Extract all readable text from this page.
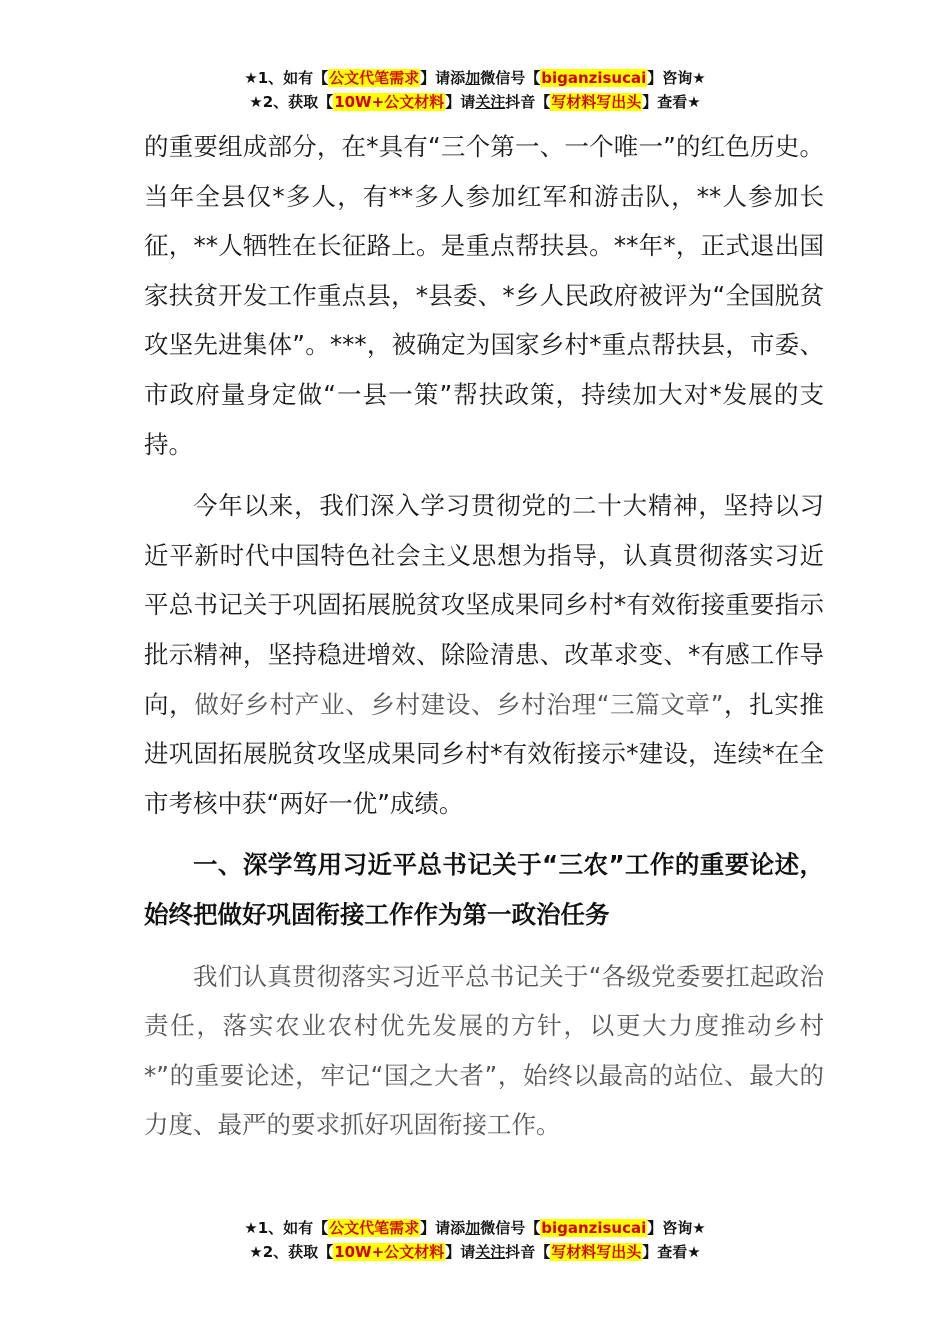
★1、如有【公文代笔需求】请添加微信号【biganzisucai】咨询★
★2、获取【10W+公文材料】请关注抖音【写材料写出头】查看★

的重要组成部分，在*具有“三个第一、一个唯一”的红色历史。当年全县仅*多人，有**多人参加红军和游击队，**人参加长征，**人牺牲在长征路上。是重点帮扶县。**年*，正式退出国家扶贫开发工作重点县，*县委、*乡人民政府被评为“全国脱贫攻坚先进集体”。***，被确定为国家乡村*重点帮扶县，市委、市政府量身定做“一县一策”帮扶政策，持续加大对*发展的支持。

今年以来，我们深入学习贯彻党的二十大精神，坚持以习近平新时代中国特色社会主义思想为指导，认真贯彻落实习近平总书记关于巩固拓展脱贫攻坚成果同乡村*有效衔接重要指示批示精神，坚持稳进增效、除险清患、改革求变、*有感工作导向，做好乡村产业、乡村建设、乡村治理“三篇文章”，扎实推进巩固拓展脱贫攻坚成果同乡村*有效衔接示*建设，连续*在全市考核中获“两好一优”成绩。

一、深学笃用习近平总书记关于“三农”工作的重要论述，始终把做好巩固衔接工作作为第一政治任务

我们认真贯彻落实习近平总书记关于“各级党委要扛起政治责任，落实农业农村优先发展的方针，以更大力度推动乡村*”的重要论述，牢记“国之大者”，始终以最高的站位、最大的力度、最严的要求抓好巩固衔接工作。

★1、如有【公文代笔需求】请添加微信号【biganzisucai】咨询★
★2、获取【10W+公文材料】请关注抖音【写材料写出头】查看★
